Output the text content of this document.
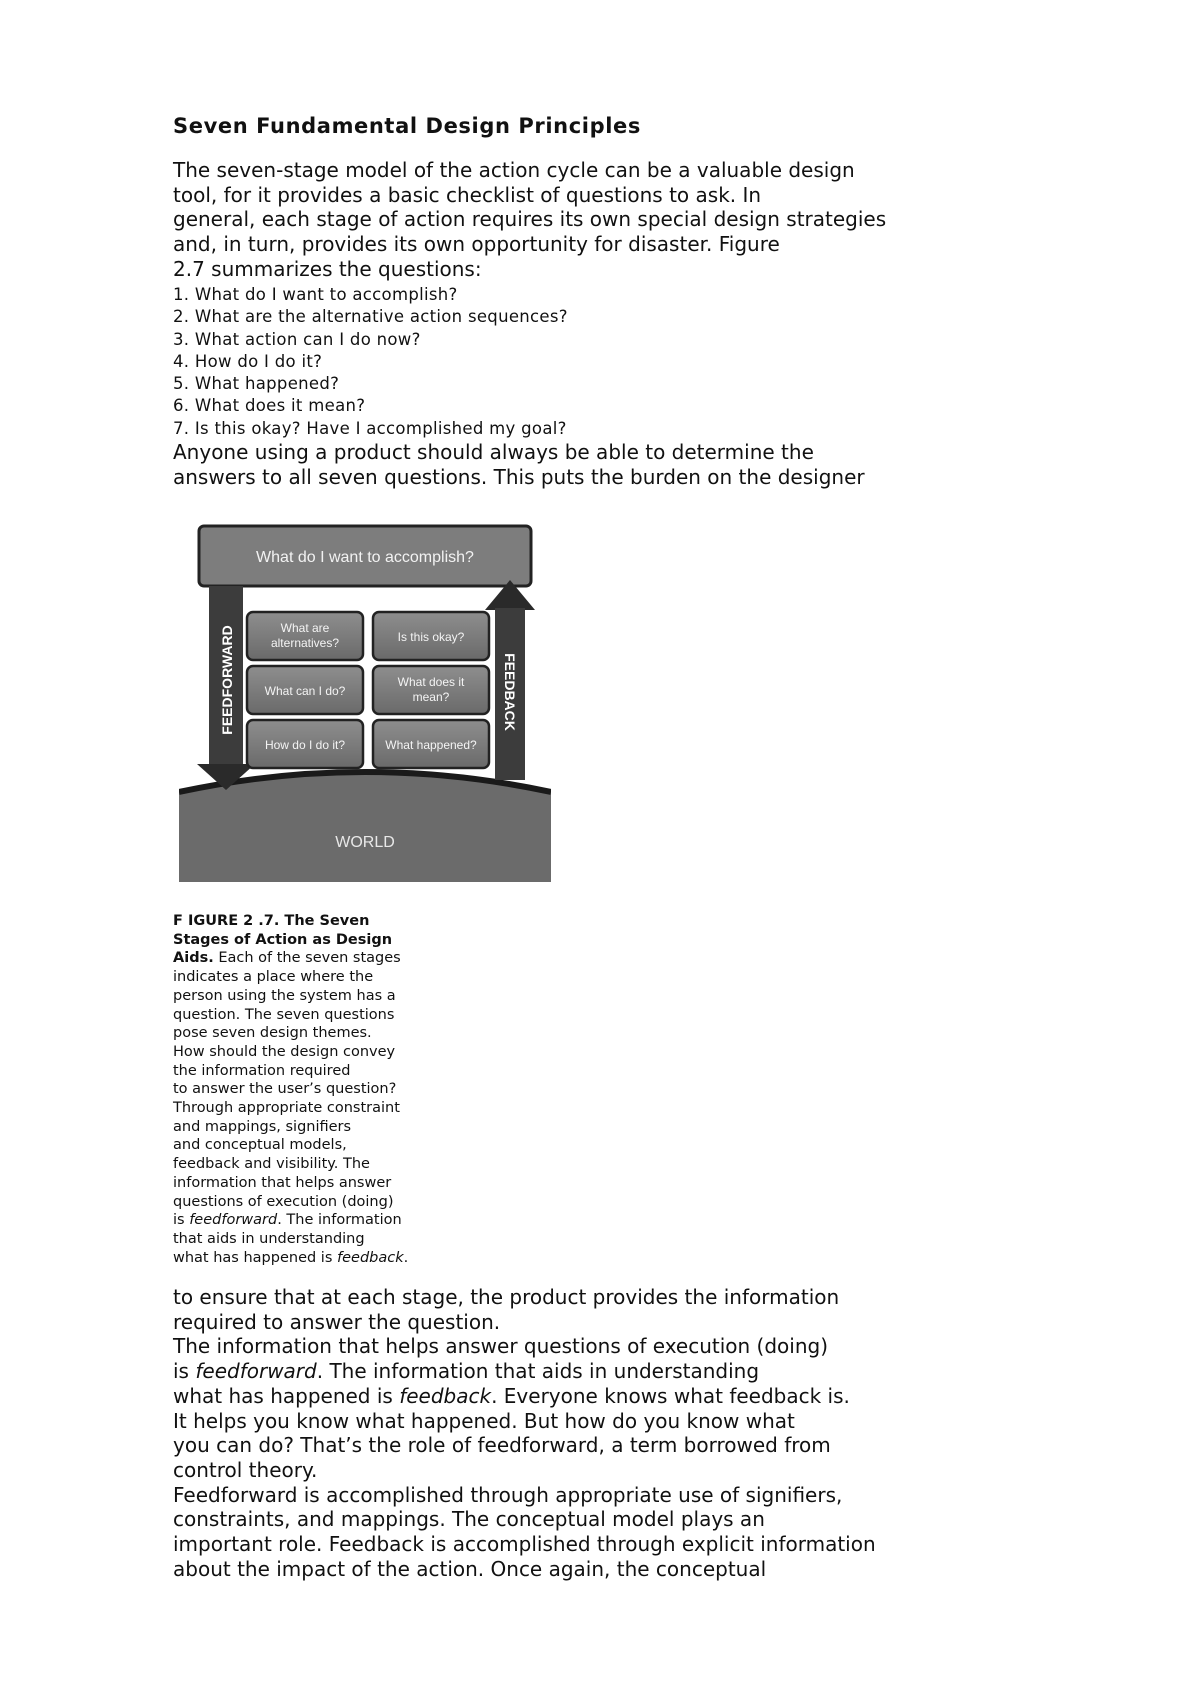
Seven Fundamental Design Principles

The seven-stage model of the action cycle can be a valuable design

tool, for it provides a basic checklist of questions to ask. In

general, each stage of action requires its own special design strategies

and, in turn, provides its own opportunity for disaster. Figure

2.7 summarizes the questions:

1. What do I want to accomplish?
2. What are the alternative action sequences?
3. What action can I do now?
4. How do I do it?
5. What happened?
6. What does it mean?
7. Is this okay? Have I accomplished my goal?

Anyone using a product should always be able to determine the

answers to all seven questions. This puts the burden on the designer

WORLD
What do I want to accomplish?
FEEDFORWARD	FEEDBACK
What are
alternatives?	Is this okay?
What can I do?
What does it
mean?
How do I do it?	What happened?

F IGURE 2 .7. The Seven

Stages of Action as Design

Aids. Each of the seven stages

indicates a place where the

person using the system has a

question. The seven questions

pose seven design themes.

How should the design convey

the information required

to answer the user’s question?

Through appropriate constraint

and mappings, signifiers

and conceptual models,

feedback and visibility. The

information that helps answer

questions of execution (doing)

is feedforward. The information

that aids in understanding

what has happened is feedback.

to ensure that at each stage, the product provides the information

required to answer the question.

The information that helps answer questions of execution (doing)

is feedforward. The information that aids in understanding

what has happened is feedback. Everyone knows what feedback is.

It helps you know what happened. But how do you know what

you can do? That’s the role of feedforward, a term borrowed from

control theory.

Feedforward is accomplished through appropriate use of signifiers,

constraints, and mappings. The conceptual model plays an

important role. Feedback is accomplished through explicit information

about the impact of the action. Once again, the conceptual
